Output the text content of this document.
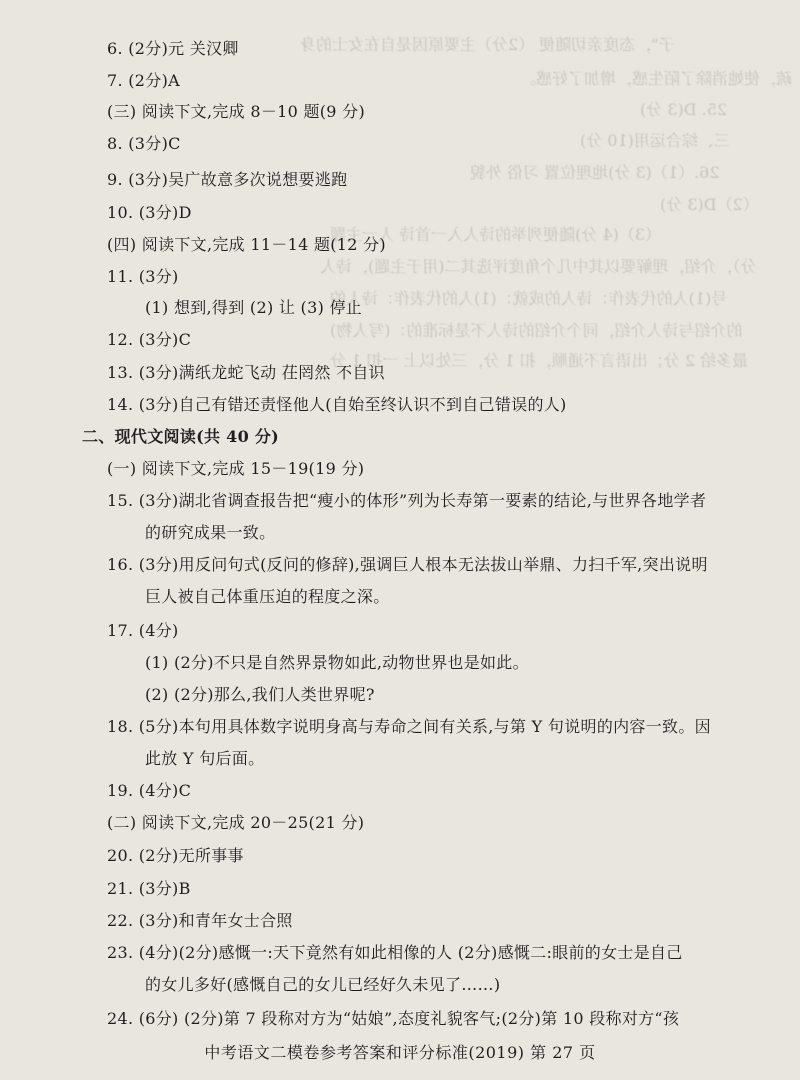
子"，态度亲切随便 （2分）主要原因是自在女士的身
疏，使她消除了陌生感，增加了好感。
25. D(3 分)
三、综合运用(10 分)
26.（1）(3 分)地理位置 习俗 外貌
（2）D(3 分)
（3）(4 分)随便列举的诗人入一首诗 人一主题
分），介绍，理解要以其中几个角度评选其二(用于主题)，诗人
号(1)人的代表作：诗人的成就：(1)人的代表作：诗人的
的介绍与诗人介绍，同个介绍的诗人不是标准的：(写人物)
最多给 2 分；出语言不通顺，扣 1 分，三处以上 一扣 1 分
6. (2分)元 关汉卿
7. (2分)A
(三) 阅读下文,完成 8－10 题(9 分)
8. (3分)C
9. (3分)吴广故意多次说想要逃跑
10. (3分)D
(四) 阅读下文,完成 11－14 题(12 分)
11. (3分)
(1) 想到,得到 (2) 让 (3) 停止
12. (3分)C
13. (3分)满纸龙蛇飞动 茌罔然 不自识
14. (3分)自己有错还责怪他人(自始至终认识不到自己错误的人)
二、现代文阅读(共 40 分)
(一) 阅读下文,完成 15－19(19 分)
15. (3分)湖北省调查报告把“瘦小的体形”列为长寿第一要素的结论,与世界各地学者
的研究成果一致。
16. (3分)用反问句式(反问的修辞),强调巨人根本无法拔山举鼎、力扫千军,突出说明
巨人被自己体重压迫的程度之深。
17. (4分)
(1) (2分)不只是自然界景物如此,动物世界也是如此。
(2) (2分)那么,我们人类世界呢?
18. (5分)本句用具体数字说明身高与寿命之间有关系,与第 Y 句说明的内容一致。因
此放 Y 句后面。
19. (4分)C
(二) 阅读下文,完成 20－25(21 分)
20. (2分)无所事事
21. (3分)B
22. (3分)和青年女士合照
23. (4分)(2分)感慨一:天下竟然有如此相像的人 (2分)感慨二:眼前的女士是自己
的女儿多好(感慨自己的女儿已经好久未见了……)
24. (6分) (2分)第 7 段称对方为“姑娘”,态度礼貌客气;(2分)第 10 段称对方“孩
中考语文二模卷参考答案和评分标准(2019) 第 27 页
